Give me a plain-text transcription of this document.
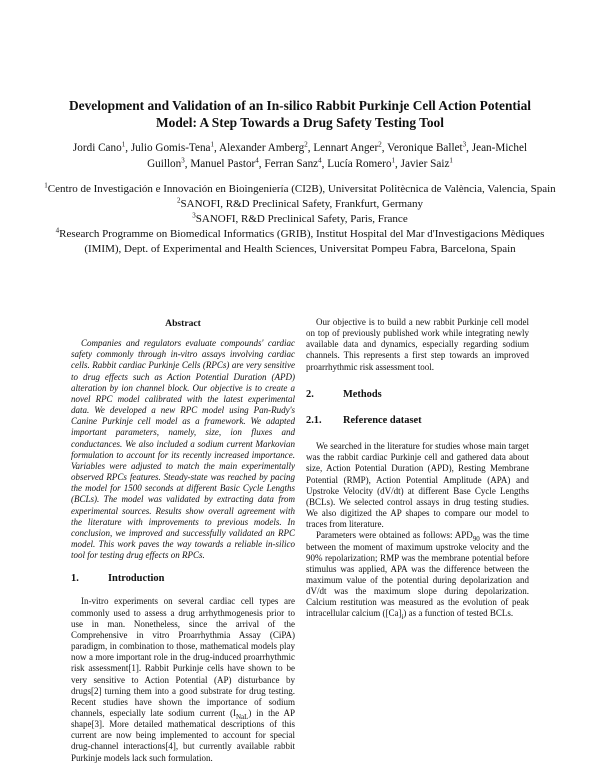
Development and Validation of an In-silico Rabbit Purkinje Cell Action Potential
Model: A Step Towards a Drug Safety Testing Tool
Jordi Cano$^1$, Julio Gomis-Tena$^1$, Alexander Amberg$^2$, Lennart Anger$^2$, Veronique Ballet$^3$, Jean-Michel Guillon$^3$, Manuel Pastor$^4$, Ferran Sanz$^4$, Lucía Romero$^1$, Javier Saiz$^1$
$^1$Centro de Investigación e Innovación en Bioingeniería (CI2B), Universitat Politècnica de València, Valencia, Spain
$^2$SANOFI, R&D Preclinical Safety, Frankfurt, Germany
$^3$SANOFI, R&D Preclinical Safety, Paris, France
$^4$Research Programme on Biomedical Informatics (GRIB), Institut Hospital del Mar d'Investigacions Mèdiques (IMIM), Dept. of Experimental and Health Sciences, Universitat Pompeu Fabra, Barcelona, Spain
Abstract

Companies and regulators evaluate compounds' cardiac safety commonly through in-vitro assays involving cardiac cells. Rabbit cardiac Purkinje Cells (RPCs) are very sensitive to drug effects such as Action Potential Duration (APD) alteration by ion channel block. Our objective is to create a novel RPC model calibrated with the latest experimental data. We developed a new RPC model using Pan-Rudy's Canine Purkinje cell model as a framework. We adapted important parameters, namely, size, ion fluxes and conductances. We also included a sodium current Markovian formulation to account for its recently increased importance. Variables were adjusted to match the main experimentally observed RPCs features. Steady-state was reached by pacing the model for 1500 seconds at different Basic Cycle Lengths (BCLs). The model was validated by extracting data from experimental sources. Results show overall agreement with the literature with improvements to previous models. In conclusion, we improved and successfully validated an RPC model. This work paves the way towards a reliable in-silico tool for testing drug effects on RPCs.

1.	Introduction

In-vitro experiments on several cardiac cell types are commonly used to assess a drug arrhythmogenesis prior to use in man. Nonetheless, since the arrival of the Comprehensive in vitro Proarrhythmia Assay (CiPA) paradigm, in combination to those, mathematical models play now a more important role in the drug-induced proarrhythmic risk assessment[1]. Rabbit Purkinje cells have shown to be very sensitive to Action Potential (AP) disturbance by drugs[2] turning them into a good substrate for drug testing. Recent studies have shown the importance of sodium channels, especially late sodium current $(I_{NaL})$ in the AP shape[3]. More detailed mathematical descriptions of this current are now being implemented to account for special drug-channel interactions[4], but currently available rabbit Purkinje models lack such formulation.

Our objective is to build a new rabbit Purkinje cell model on top of previously published work while integrating newly available data and dynamics, especially regarding sodium channels. This represents a first step towards an improved proarrhythmic risk assessment tool.

2.	Methods
2.1.	Reference dataset

We searched in the literature for studies whose main target was the rabbit cardiac Purkinje cell and gathered data about size, Action Potential Duration (APD), Resting Membrane Potential (RMP), Action Potential Amplitude (APA) and Upstroke Velocity (dV/dt) at different Base Cycle Lengths (BCLs). We selected control assays in drug testing studies. We also digitized the AP shapes to compare our model to traces from literature.

Parameters were obtained as follows: $APD_{90}$ was the time between the moment of maximum upstroke velocity and the 90% repolarization; RMP was the membrane potential before stimulus was applied, APA was the difference between the maximum value of the potential during depolarization and dV/dt was the maximum slope during depolarization. Calcium restitution was measured as the evolution of peak intracellular calcium $([Ca]_i)$ as a function of tested BCLs.
